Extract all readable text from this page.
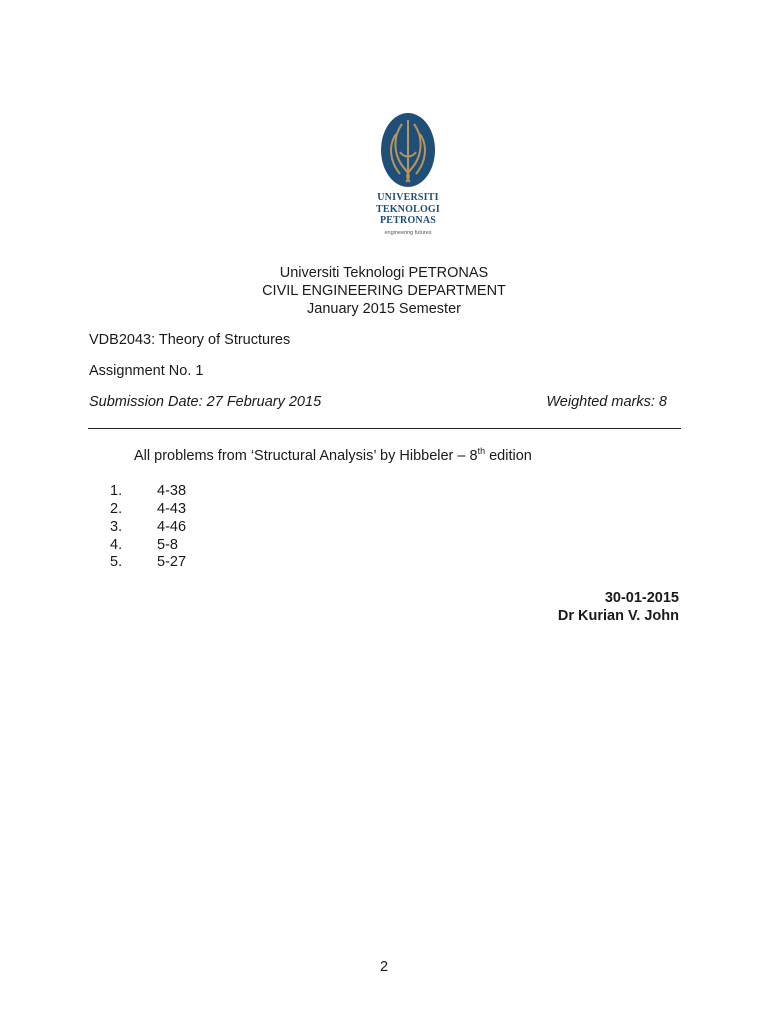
UNIVERSITI
TEKNOLOGI
PETRONAS
engineering futures
Universiti Teknologi PETRONAS
CIVIL ENGINEERING DEPARTMENT
January 2015 Semester
VDB2043: Theory of Structures
Assignment No. 1
Submission Date: 27 February 2015	Weighted marks: 8
All problems from ‘Structural Analysis’ by Hibbeler – 8th edition
1.	4-38
2.	4-43
3.	4-46
4.	5-8
5.	5-27
30-01-2015
Dr Kurian V. John
2
